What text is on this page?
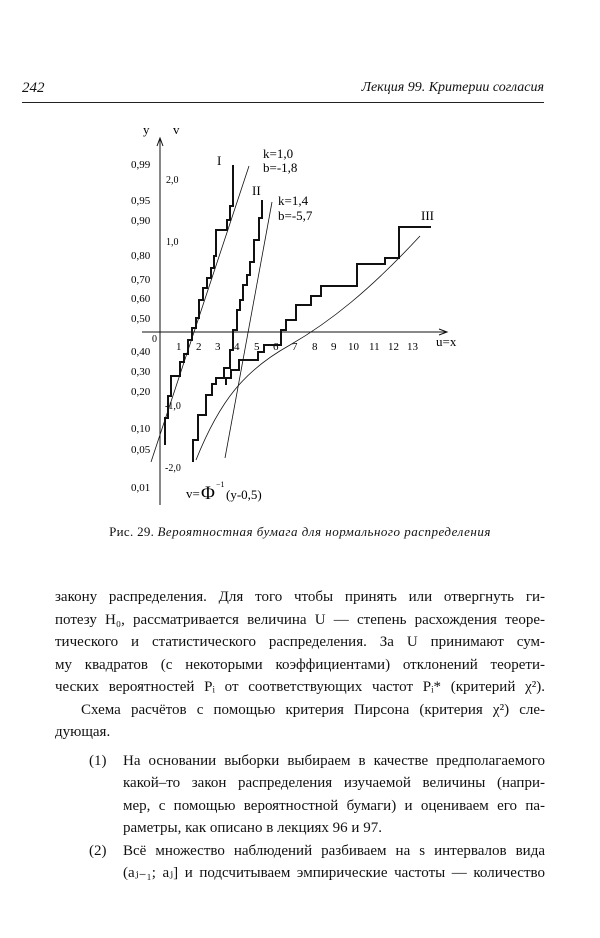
242	Лекция 99. Критерии согласия
y v
u=x
0
0,99
0,95
0,90
0,80
0,70
0,60
0,50
0,40
0,30
0,20
0,10
0,05
0,01
2,0
1,0
-1,0
-2,0
1 2 3 4 5 6 7 8 9 10 11 12 13
I	k=1,0
b=-1,8
II
k=1,4
b=-5,7	III
v= Φ −1
(y-0,5)
Рис. 29. Вероятностная бумага для нормального распределения

закону распределения. Для того чтобы принять или отвергнуть ги-

потезу H₀, рассматривается величина U — степень расхождения теоре-

тического и статистического распределения. За U принимают сум-

му квадратов (с некоторыми коэффициентами) отклонений теорети-

ческих вероятностей Pᵢ от соответствующих частот Pᵢ* (критерий χ²).

Схема расчётов с помощью критерия Пирсона (критерия χ²) сле-

дующая.

(1) На основании выборки выбираем в качестве предполагаемого

какой–то закон распределения изучаемой величины (напри-

мер, с помощью вероятностной бумаги) и оцениваем его па-

раметры, как описано в лекциях 96 и 97.

(2) Всё множество наблюдений разбиваем на s интервалов вида

(aⱼ₋₁; aⱼ] и подсчитываем эмпирические частоты — количество
